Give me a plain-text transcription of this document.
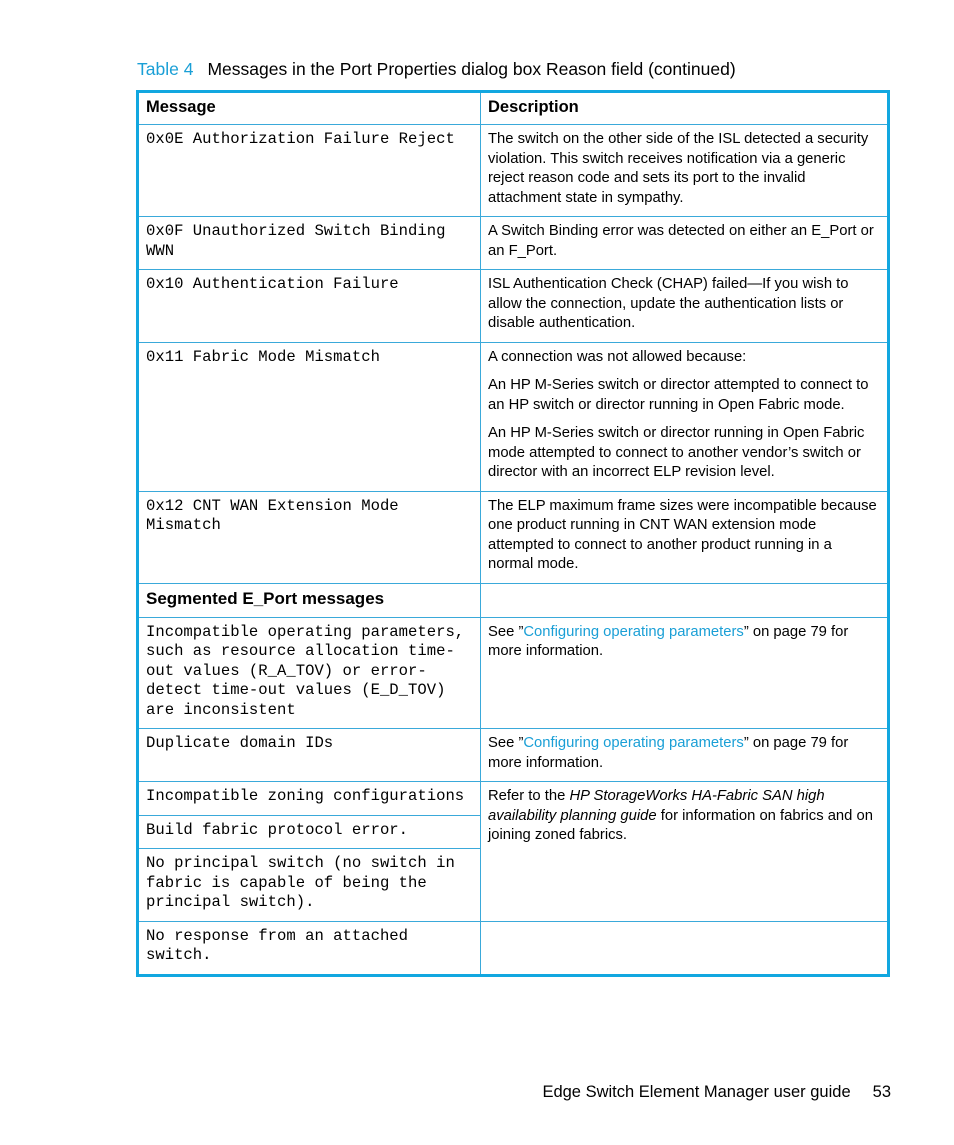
Table 4 Messages in the Port Properties dialog box Reason field (continued)
Message	Description
0x0E Authorization Failure Reject	The switch on the other side of the ISL detected a security violation. This switch receives notification via a generic reject reason code and sets its port to the invalid attachment state in sympathy.
0x0F Unauthorized Switch Binding WWN	A Switch Binding error was detected on either an E_Port or an F_Port.
0x10 Authentication Failure	ISL Authentication Check (CHAP) failed—If you wish to allow the connection, update the authentication lists or disable authentication.
0x11 Fabric Mode Mismatch	A connection was not allowed because:

An HP M-Series switch or director attempted to connect to an HP switch or director running in Open Fabric mode.

An HP M-Series switch or director running in Open Fabric mode attempted to connect to another vendor’s switch or director with an incorrect ELP revision level.

0x12 CNT WAN Extension Mode Mismatch	The ELP maximum frame sizes were incompatible because one product running in CNT WAN extension mode attempted to connect to another product running in a normal mode.
Segmented E_Port messages	
Incompatible operating parameters, such as resource allocation time-out values (R_A_TOV) or error-detect time-out values (E_D_TOV) are inconsistent	See ”Configuring operating parameters” on page 79 for more information.
Duplicate domain IDs	See ”Configuring operating parameters” on page 79 for more information.
Incompatible zoning configurations	Refer to the HP StorageWorks HA-Fabric SAN high availability planning guide for information on fabrics and on joining zoned fabrics.
Build fabric protocol error.	
No principal switch (no switch in fabric is capable of being the principal switch).	
No response from an attached switch.	
Edge Switch Element Manager user guide 53
